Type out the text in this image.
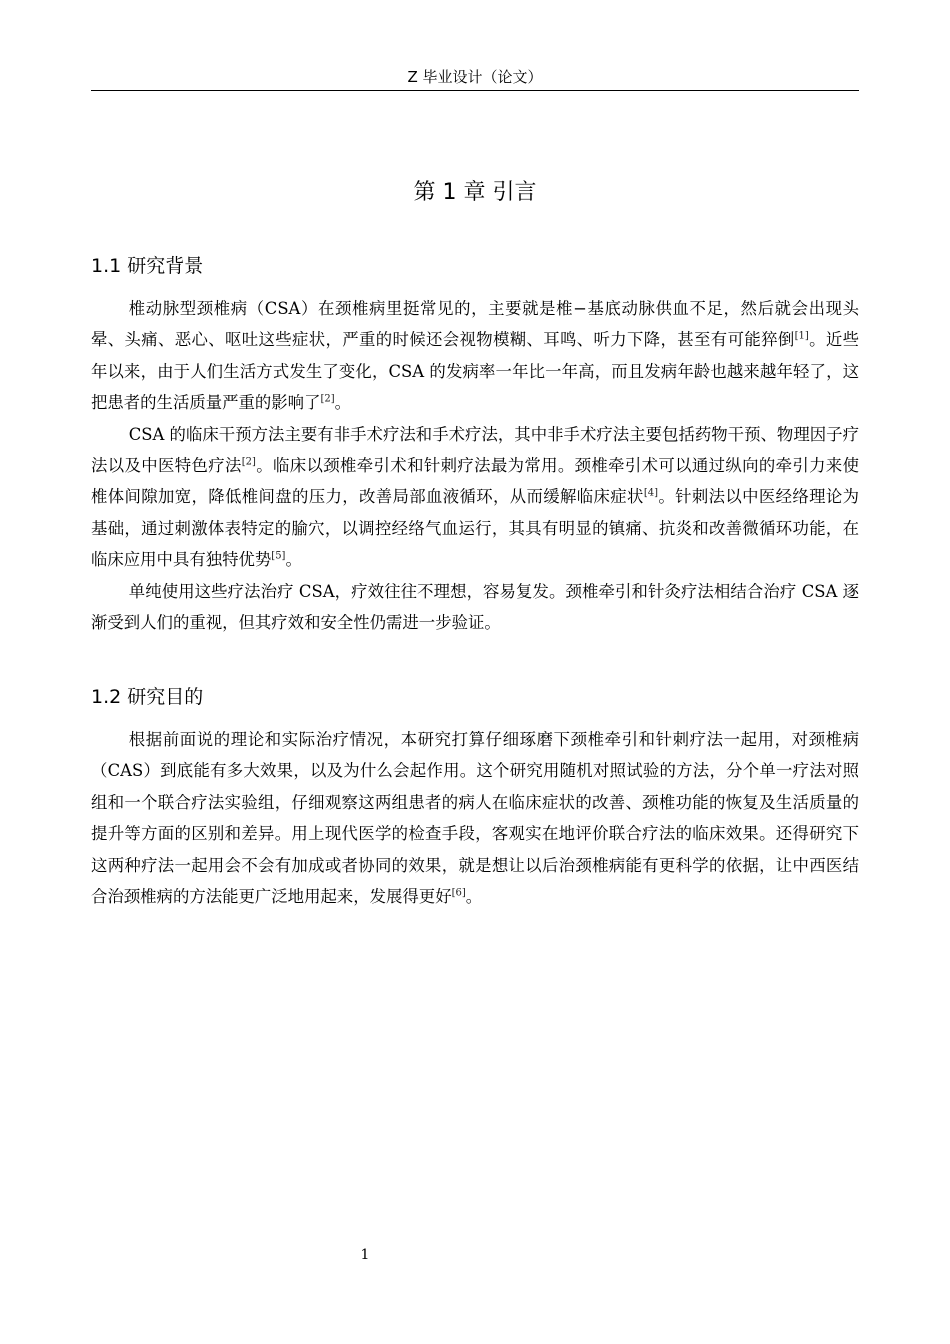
Z 毕业设计（论文）
第 1 章 引言
1.1 研究背景

椎动脉型颈椎病（CSA）在颈椎病里挺常见的，主要就是椎−基底动脉供血不足，然后就会出现头晕、头痛、恶心、呕吐这些症状，严重的时候还会视物模糊、耳鸣、听力下降，甚至有可能猝倒[1]。近些年以来，由于人们生活方式发生了变化，CSA 的发病率一年比一年高，而且发病年龄也越来越年轻了，这把患者的生活质量严重的影响了[2]。

CSA 的临床干预方法主要有非手术疗法和手术疗法，其中非手术疗法主要包括药物干预、物理因子疗法以及中医特色疗法[2]。临床以颈椎牵引术和针刺疗法最为常用。颈椎牵引术可以通过纵向的牵引力来使椎体间隙加宽，降低椎间盘的压力，改善局部血液循环，从而缓解临床症状[4]。针刺法以中医经络理论为基础，通过刺激体表特定的腧穴，以调控经络气血运行，其具有明显的镇痛、抗炎和改善微循环功能，在临床应用中具有独特优势[5]。

单纯使用这些疗法治疗 CSA，疗效往往不理想，容易复发。颈椎牵引和针灸疗法相结合治疗 CSA 逐渐受到人们的重视，但其疗效和安全性仍需进一步验证。

1.2 研究目的

根据前面说的理论和实际治疗情况，本研究打算仔细琢磨下颈椎牵引和针刺疗法一起用，对颈椎病（CAS）到底能有多大效果，以及为什么会起作用。这个研究用随机对照试验的方法，分个单一疗法对照组和一个联合疗法实验组，仔细观察这两组患者的病人在临床症状的改善、颈椎功能的恢复及生活质量的提升等方面的区别和差异。用上现代医学的检查手段，客观实在地评价联合疗法的临床效果。还得研究下这两种疗法一起用会不会有加成或者协同的效果，就是想让以后治颈椎病能有更科学的依据，让中西医结合治颈椎病的方法能更广泛地用起来，发展得更好[6]。

1
